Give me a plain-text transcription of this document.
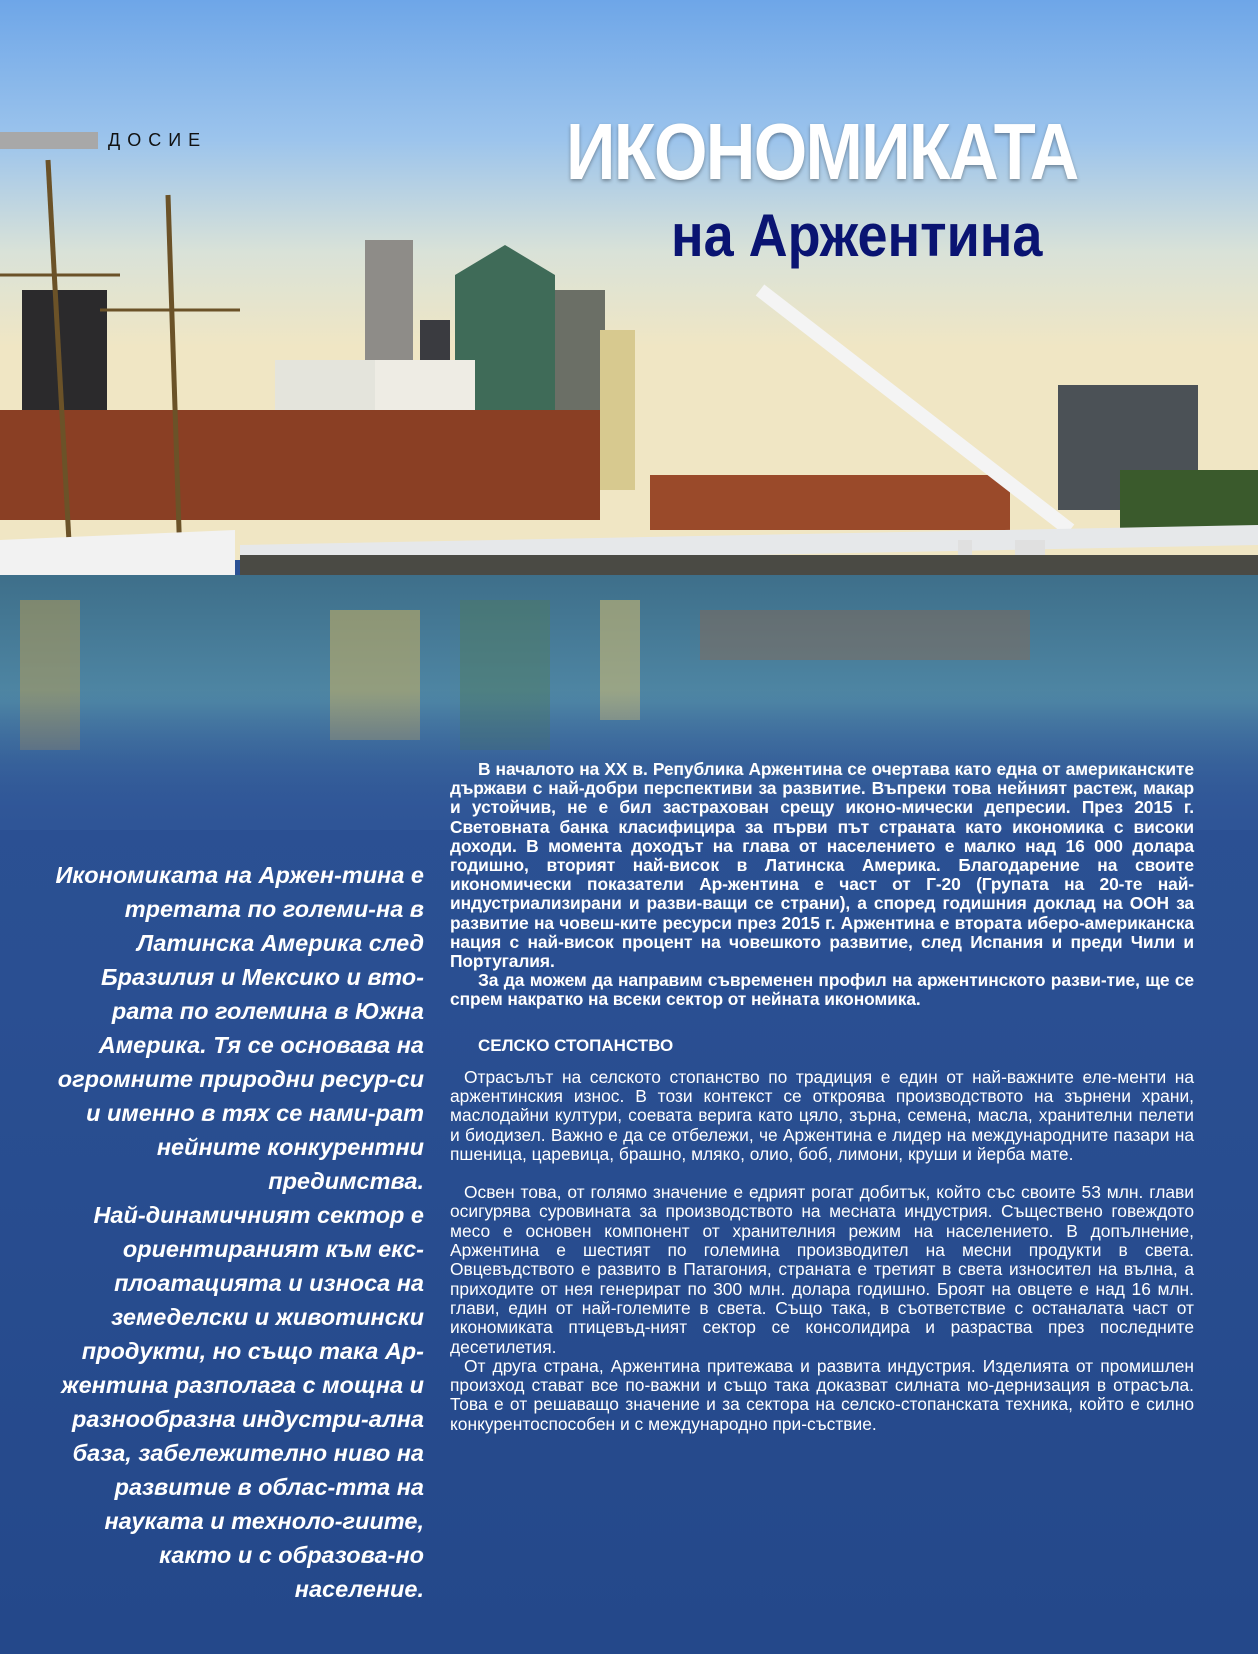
ДОСИЕ	ИКОНОМИКАТА
на Аржентина

Икономиката на Аржен-тина е третата по големи-на в Латинска Америка след Бразилия и Мексико и вто-рата по големина в Южна Америка. Тя се основава на огромните природни ресур-си и именно в тях се нами-рат нейните конкурентни предимства.

Най-динамичният сектор е ориентираният към екс-плоатацията и износа на земеделски и животински продукти, но също така Ар-жентина разполага с мощна и разнообразна индустри-ална база, забележително ниво на развитие в облас-тта на науката и техноло-гиите, както и с образова-но население.

В началото на XX в. Република Аржентина се очертава като една от американските държави с най-добри перспективи за развитие. Въпреки това нейният растеж, макар и устойчив, не е бил застрахован срещу иконо-мически депресии. През 2015 г. Световната банка класифицира за първи път страната като икономика с високи доходи. В момента доходът на глава от населението е малко над 16 000 долара годишно, вторият най-висок в Латинска Америка. Благодарение на своите икономически показатели Ар-жентина е част от Г-20 (Групата на 20-те най-индустриализирани и разви-ващи се страни), а според годишния доклад на ООН за развитие на човеш-ките ресурси през 2015 г. Аржентина е втората иберо-американска нация с най-висок процент на човешкото развитие, след Испания и преди Чили и Португалия.

За да можем да направим съвременен профил на аржентинското разви-тие, ще се спрем накратко на всеки сектор от нейната икономика.

СЕЛСКО СТОПАНСТВО

Отрасълът на селското стопанство по традиция е един от най-важните еле-менти на аржентинския износ. В този контекст се откроява производството на зърнени храни, маслодайни култури, соевата верига като цяло, зърна, семена, масла, хранителни пелети и биодизел. Важно е да се отбележи, че Аржентина е лидер на международните пазари на пшеница, царевица, брашно, мляко, олио, боб, лимони, круши и йерба мате.

Освен това, от голямо значение е едрият рогат добитък, който със своите 53 млн. глави осигурява суровината за производството на месната индустрия. Съществено говеждото месо е основен компонент от хранителния режим на населението. В допълнение, Аржентина е шестият по големина производител на месни продукти в света. Овцевъдството е развито в Патагония, страната е третият в света износител на вълна, а приходите от нея генерират по 300 млн. долара годишно. Броят на овцете е над 16 млн. глави, един от най-големите в света. Също така, в съответствие с останалата част от икономиката птицевъд-ният сектор се консолидира и разраства през последните десетилетия.

От друга страна, Аржентина притежава и развита индустрия. Изделията от промишлен произход стават все по-важни и също така доказват силната мо-дернизация в отрасъла. Това е от решаващо значение и за сектора на селско-стопанската техника, който е силно конкурентоспособен и с международно при-съствие.
